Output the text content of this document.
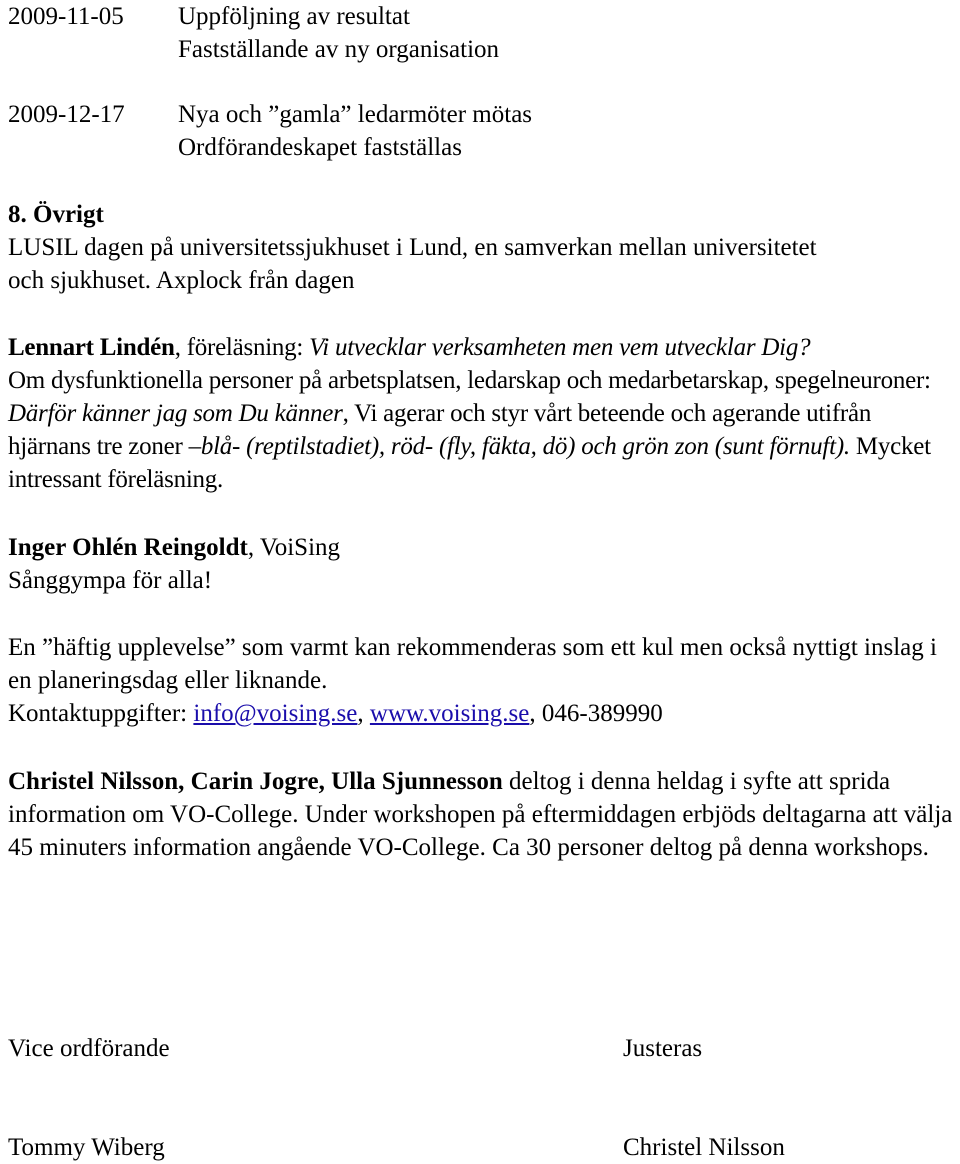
2009-11-05 Uppföljning av resultat

Fastställande av ny organisation

2009-12-17 Nya och ”gamla” ledarmöter mötas

Ordförandeskapet fastställas

8. Övrigt

LUSIL dagen på universitetssjukhuset i Lund, en samverkan mellan universitetet

och sjukhuset. Axplock från dagen

Lennart Lindén, föreläsning: Vi utvecklar verksamheten men vem utvecklar Dig?

Om dysfunktionella personer på arbetsplatsen, ledarskap och medarbetarskap, spegelneuroner: Därför känner jag som Du känner, Vi agerar och styr vårt beteende och agerande utifrån hjärnans tre zoner –blå- (reptilstadiet), röd- (fly, fäkta, dö) och grön zon (sunt förnuft). Mycket intressant föreläsning.

Inger Ohlén Reingoldt, VoiSing

Sånggympa för alla!

En ”häftig upplevelse” som varmt kan rekommenderas som ett kul men också nyttigt inslag i en planeringsdag eller liknande.

Kontaktuppgifter: info@voising.se, www.voising.se, 046-389990

Christel Nilsson, Carin Jogre, Ulla Sjunnesson deltog i denna heldag i syfte att sprida information om VO-College. Under workshopen på eftermiddagen erbjöds deltagarna att välja 45 minuters information angående VO-College. Ca 30 personer deltog på denna workshops.

Vice ordförande	Justeras
Tommy Wiberg	Christel Nilsson
